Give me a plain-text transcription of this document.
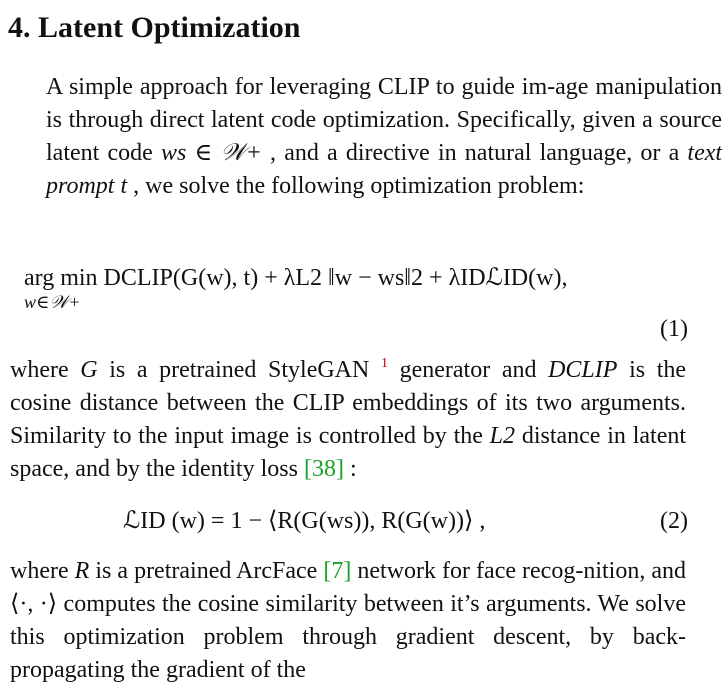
4. Latent Optimization
A simple approach for leveraging CLIP to guide im-age manipulation is through direct latent code optimization. Specifically, given a source latent code ws ∈ 𝒲+ , and a directive in natural language, or a text prompt t , we solve the following optimization problem:
arg min DCLIP(G(w), t) + λL2 ‖w − ws‖2 + λIDℒID(w),
w∈𝒲+
(1)
where G is a pretrained StyleGAN $^1$ generator and DCLIP is the cosine distance between the CLIP embeddings of its two arguments. Similarity to the input image is controlled by the L2 distance in latent space, and by the identity loss [38] :
ℒID (w) = 1 − ⟨R(G(ws)), R(G(w))⟩ ,	(2)
where R is a pretrained ArcFace [7] network for face recog-nition, and ⟨·, ·⟩ computes the cosine similarity between it’s arguments. We solve this optimization problem through gradient descent, by back-propagating the gradient of the
